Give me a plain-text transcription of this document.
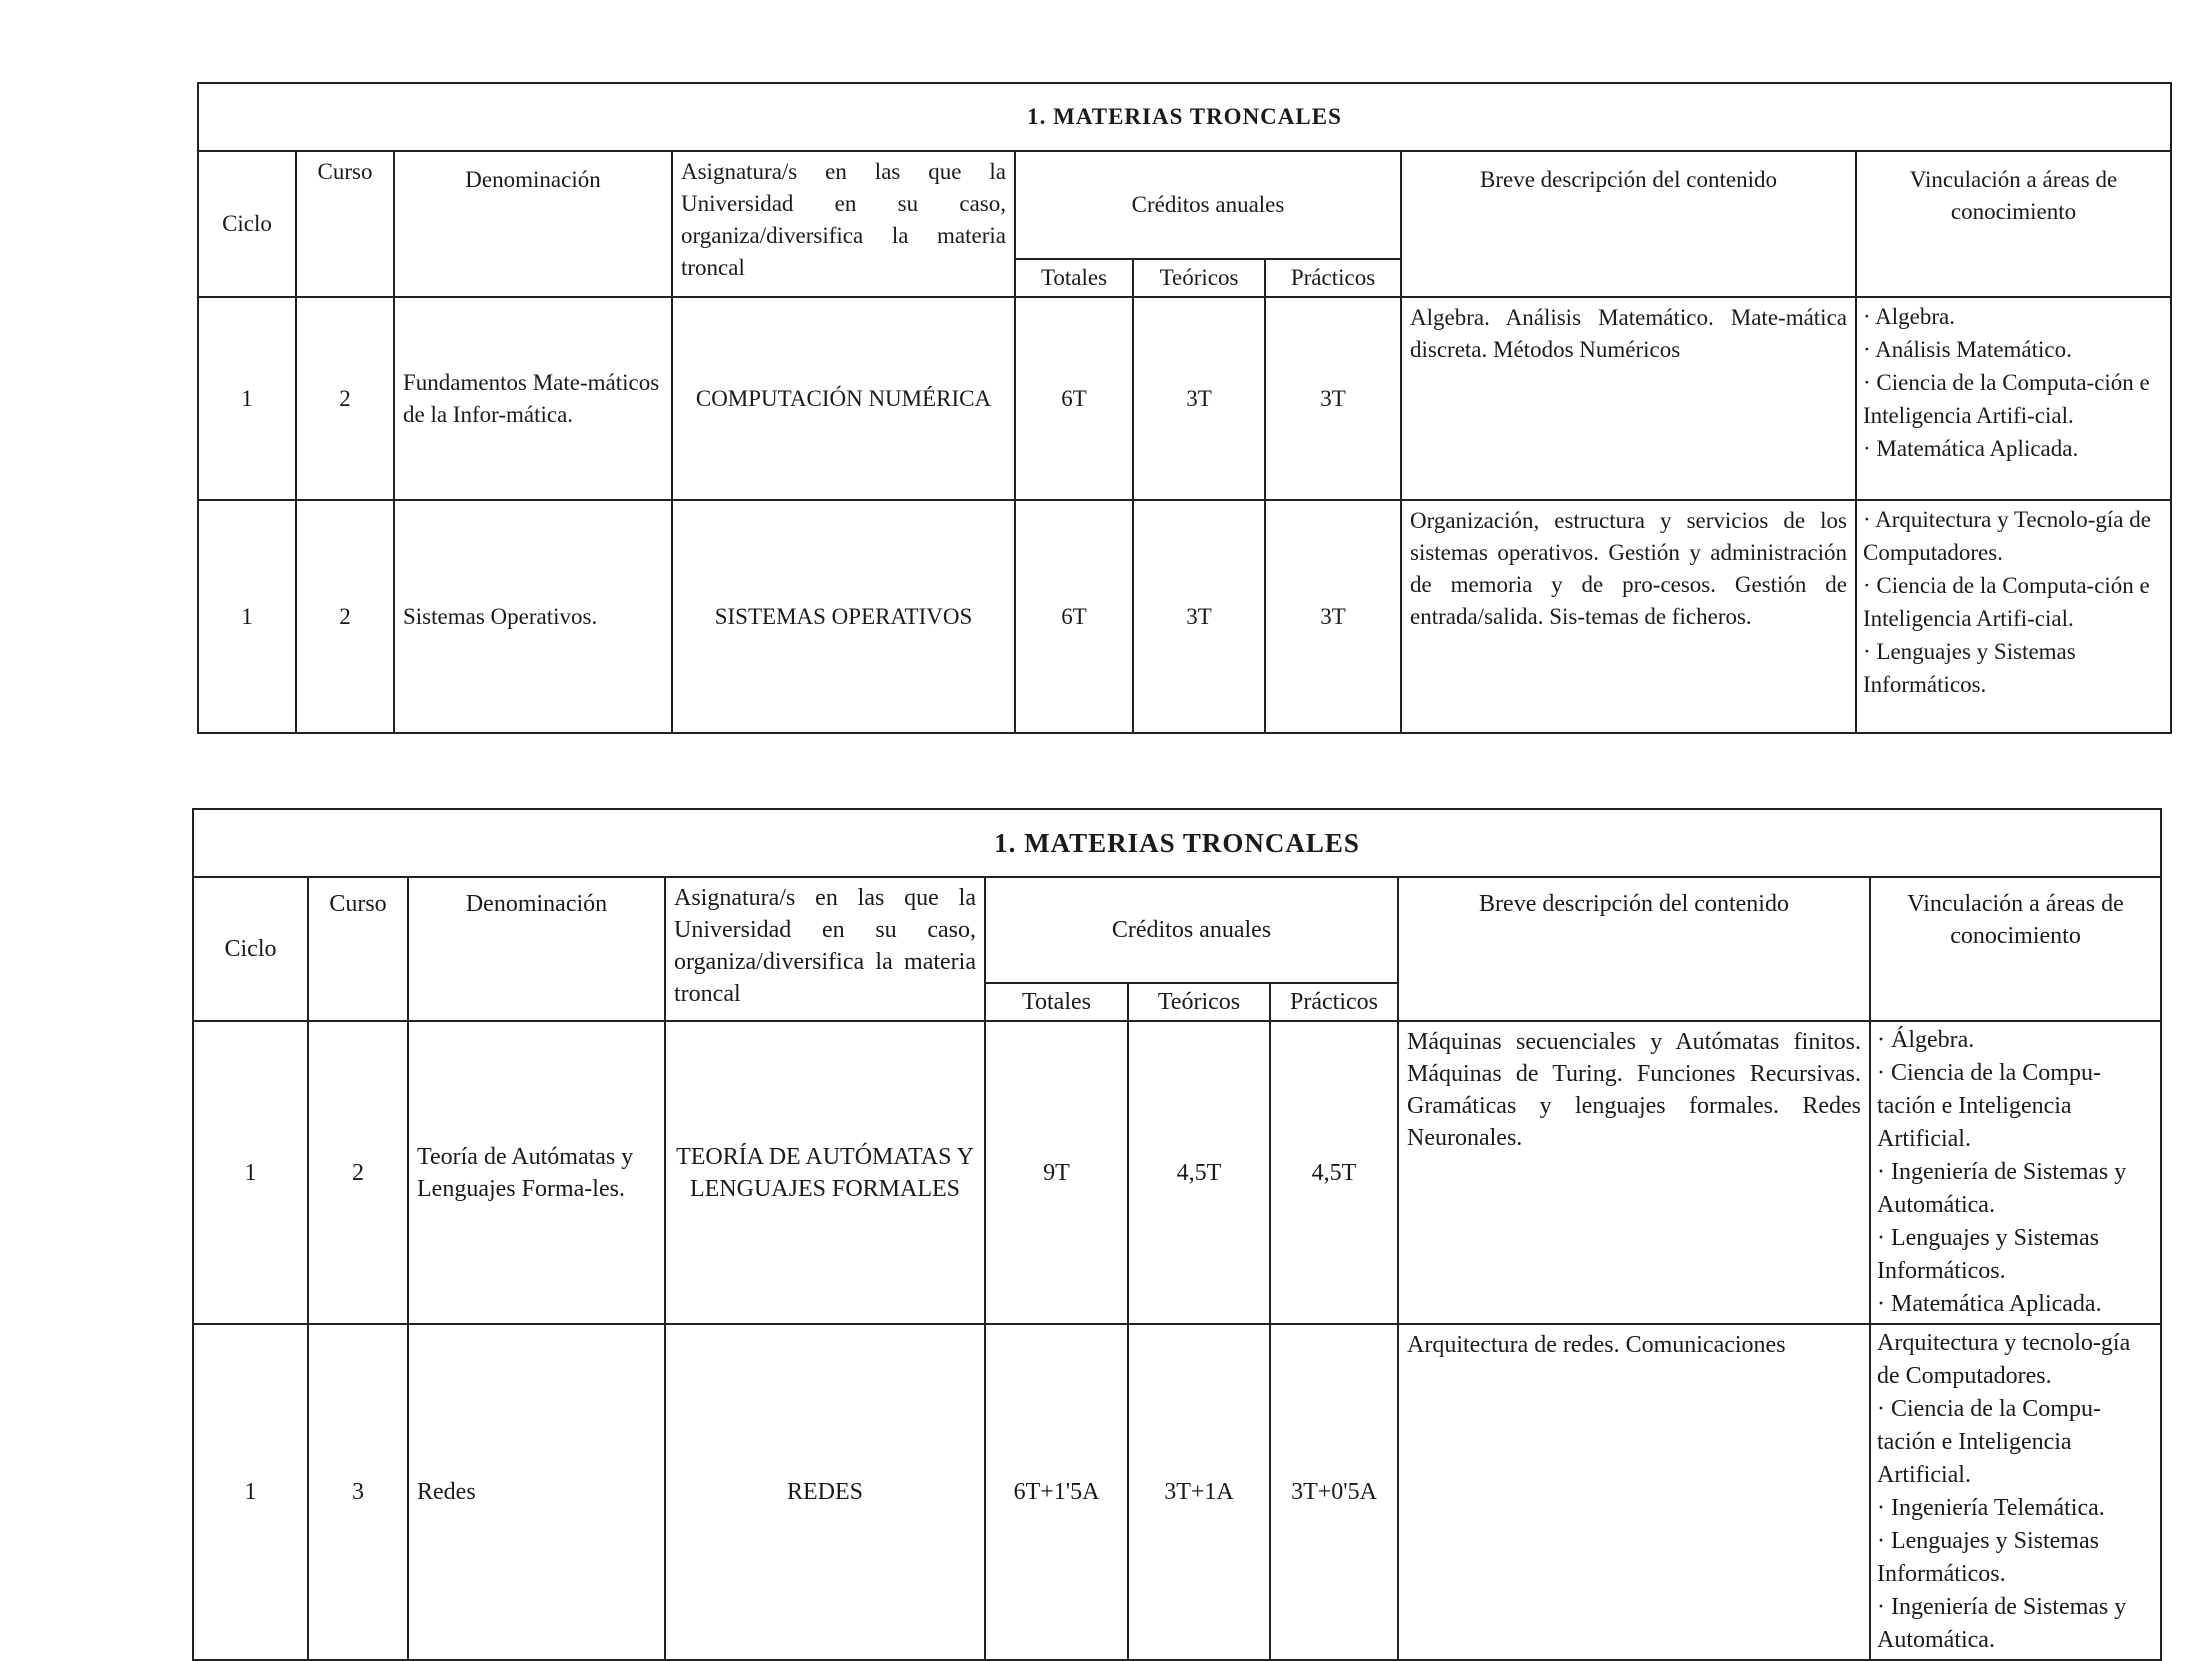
1. MATERIAS TRONCALES								
Ciclo	Curso	Denominación	Asignatura/s en las que la Universidad en su caso, organiza/diversifica la materia troncal	Créditos anuales			Breve descripción del contenido	Vinculación a áreas de conocimiento
				Totales	Teóricos	Prácticos		
1	2	Fundamentos Mate-máticos de la Infor-mática.	COMPUTACIÓN NUMÉRICA	6T	3T	3T	Algebra. Análisis Matemático. Mate-mática discreta. Métodos Numéricos	· Algebra.
· Análisis Matemático.
· Ciencia de la Computa-ción e Inteligencia Artifi-cial.
· Matemática Aplicada.

1	2	Sistemas Operativos.	SISTEMAS OPERATIVOS	6T	3T	3T	Organización, estructura y servicios de los sistemas operativos. Gestión y administración de memoria y de pro-cesos. Gestión de entrada/salida. Sis-temas de ficheros.	· Arquitectura y Tecnolo-gía de Computadores.
· Ciencia de la Computa-ción e Inteligencia Artifi-cial.
· Lenguajes y Sistemas Informáticos.
1. MATERIAS TRONCALES								
Ciclo	Curso	Denominación	Asignatura/s en las que la Universidad en su caso, organiza/diversifica la materia troncal	Créditos anuales			Breve descripción del contenido	Vinculación a áreas de conocimiento
				Totales	Teóricos	Prácticos		
1	2	Teoría de Autómatas y Lenguajes Forma-les.	TEORÍA DE AUTÓMATAS Y LENGUAJES FORMALES	9T	4,5T	4,5T	Máquinas secuenciales y Autómatas finitos. Máquinas de Turing. Funciones Recursivas. Gramáticas y lenguajes formales. Redes Neuronales.	· Álgebra.
· Ciencia de la Compu-tación e Inteligencia Artificial.
· Ingeniería de Sistemas y Automática.
· Lenguajes y Sistemas Informáticos.
· Matemática Aplicada.

1	3	Redes	REDES	6T+1'5A	3T+1A	3T+0'5A	Arquitectura de redes. Comunicaciones	Arquitectura y tecnolo-gía de Computadores.
· Ciencia de la Compu-tación e Inteligencia Artificial.
· Ingeniería Telemática.
· Lenguajes y Sistemas Informáticos.
· Ingeniería de Sistemas y Automática.
